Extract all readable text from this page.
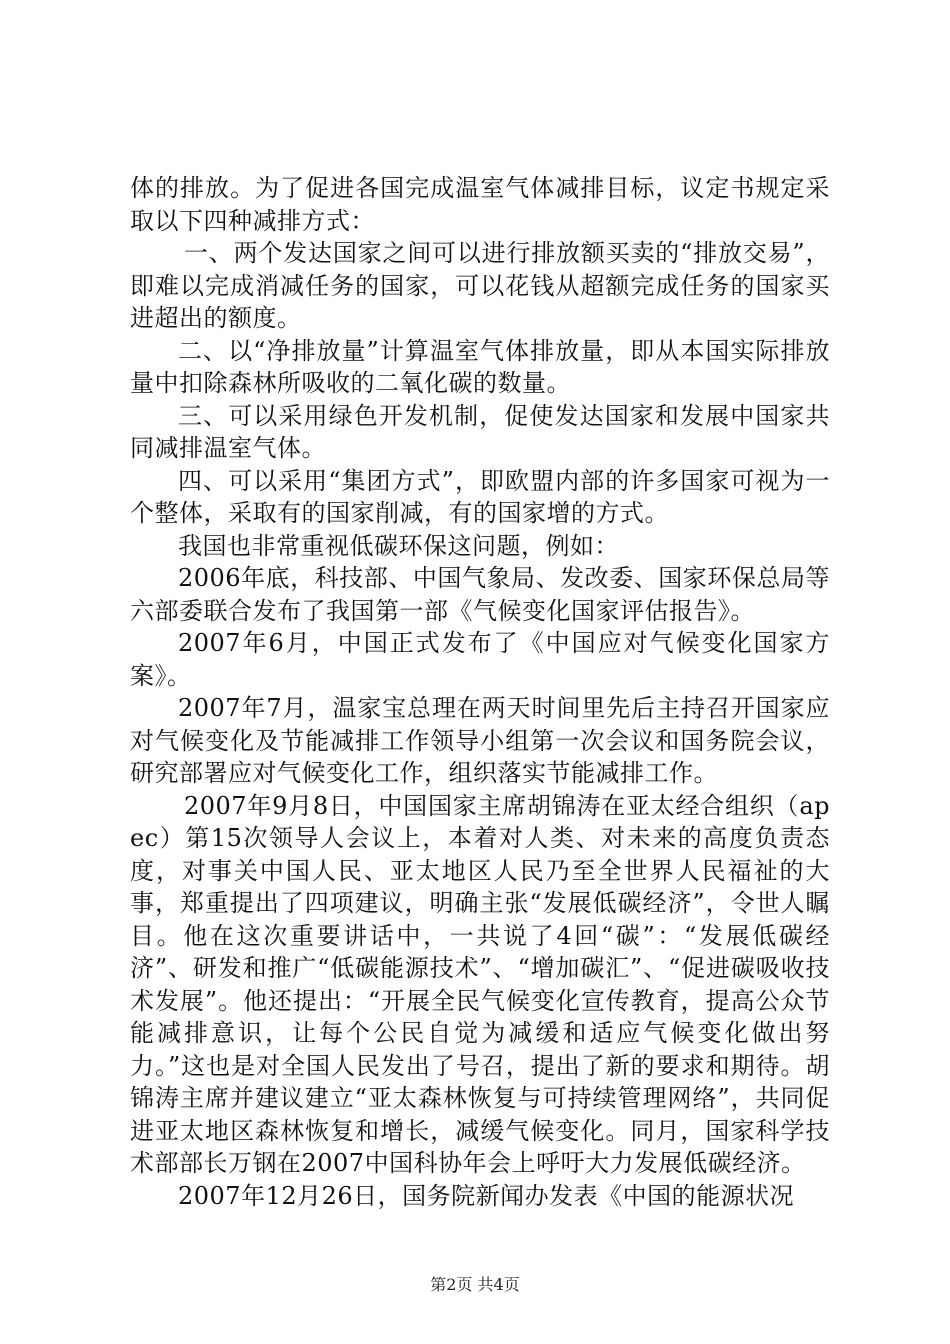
体的排放。为了促进各国完成温室气体减排目标，议定书规定采取以下四种减排方式：

一、两个发达国家之间可以进行排放额买卖的“排放交易”，即难以完成消减任务的国家，可以花钱从超额完成任务的国家买进超出的额度。

二、以“净排放量”计算温室气体排放量，即从本国实际排放量中扣除森林所吸收的二氧化碳的数量。

三、可以采用绿色开发机制，促使发达国家和发展中国家共同减排温室气体。

四、可以采用“集团方式”，即欧盟内部的许多国家可视为一个整体，采取有的国家削减，有的国家增的方式。

我国也非常重视低碳环保这问题，例如：

2006年底，科技部、中国气象局、发改委、国家环保总局等六部委联合发布了我国第一部《气候变化国家评估报告》。

2007年6月，中国正式发布了《中国应对气候变化国家方案》。

2007年7月，温家宝总理在两天时间里先后主持召开国家应对气候变化及节能减排工作领导小组第一次会议和国务院会议，研究部署应对气候变化工作，组织落实节能减排工作。

2007年9月8日，中国国家主席胡锦涛在亚太经合组织（apec）第15次领导人会议上，本着对人类、对未来的高度负责态度，对事关中国人民、亚太地区人民乃至全世界人民福祉的大事，郑重提出了四项建议，明确主张“发展低碳经济”，令世人瞩目。他在这次重要讲话中，一共说了4回“碳”：“发展低碳经济”、研发和推广“低碳能源技术”、“增加碳汇”、“促进碳吸收技术发展”。他还提出：“开展全民气候变化宣传教育，提高公众节能减排意识，让每个公民自觉为减缓和适应气候变化做出努力。”这也是对全国人民发出了号召，提出了新的要求和期待。胡锦涛主席并建议建立“亚太森林恢复与可持续管理网络”，共同促进亚太地区森林恢复和增长，减缓气候变化。同月，国家科学技术部部长万钢在2007中国科协年会上呼吁大力发展低碳经济。

2007年12月26日，国务院新闻办发表《中国的能源状况

第2页 共4页
